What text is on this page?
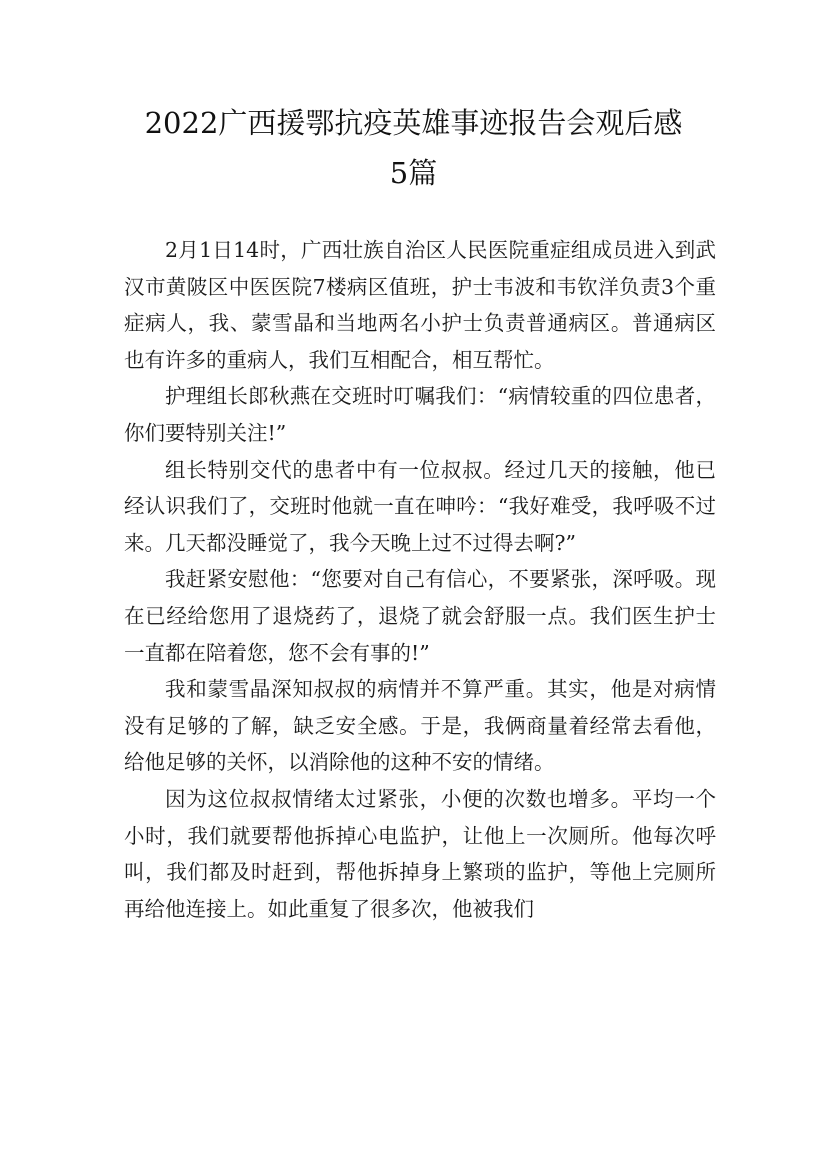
2022广西援鄂抗疫英雄事迹报告会观后感
5篇

2月1日14时，广西壮族自治区人民医院重症组成员进入到武汉市黄陂区中医医院7楼病区值班，护士韦波和韦钦洋负责3个重症病人，我、蒙雪晶和当地两名小护士负责普通病区。普通病区也有许多的重病人，我们互相配合，相互帮忙。

护理组长郎秋燕在交班时叮嘱我们：“病情较重的四位患者，你们要特别关注!”

组长特别交代的患者中有一位叔叔。经过几天的接触，他已经认识我们了，交班时他就一直在呻吟：“我好难受，我呼吸不过来。几天都没睡觉了，我今天晚上过不过得去啊?”

我赶紧安慰他：“您要对自己有信心，不要紧张，深呼吸。现在已经给您用了退烧药了，退烧了就会舒服一点。我们医生护士一直都在陪着您，您不会有事的!”

我和蒙雪晶深知叔叔的病情并不算严重。其实，他是对病情没有足够的了解，缺乏安全感。于是，我俩商量着经常去看他，给他足够的关怀，以消除他的这种不安的情绪。

因为这位叔叔情绪太过紧张，小便的次数也增多。平均一个小时，我们就要帮他拆掉心电监护，让他上一次厕所。他每次呼叫，我们都及时赶到，帮他拆掉身上繁琐的监护，等他上完厕所再给他连接上。如此重复了很多次，他被我们
